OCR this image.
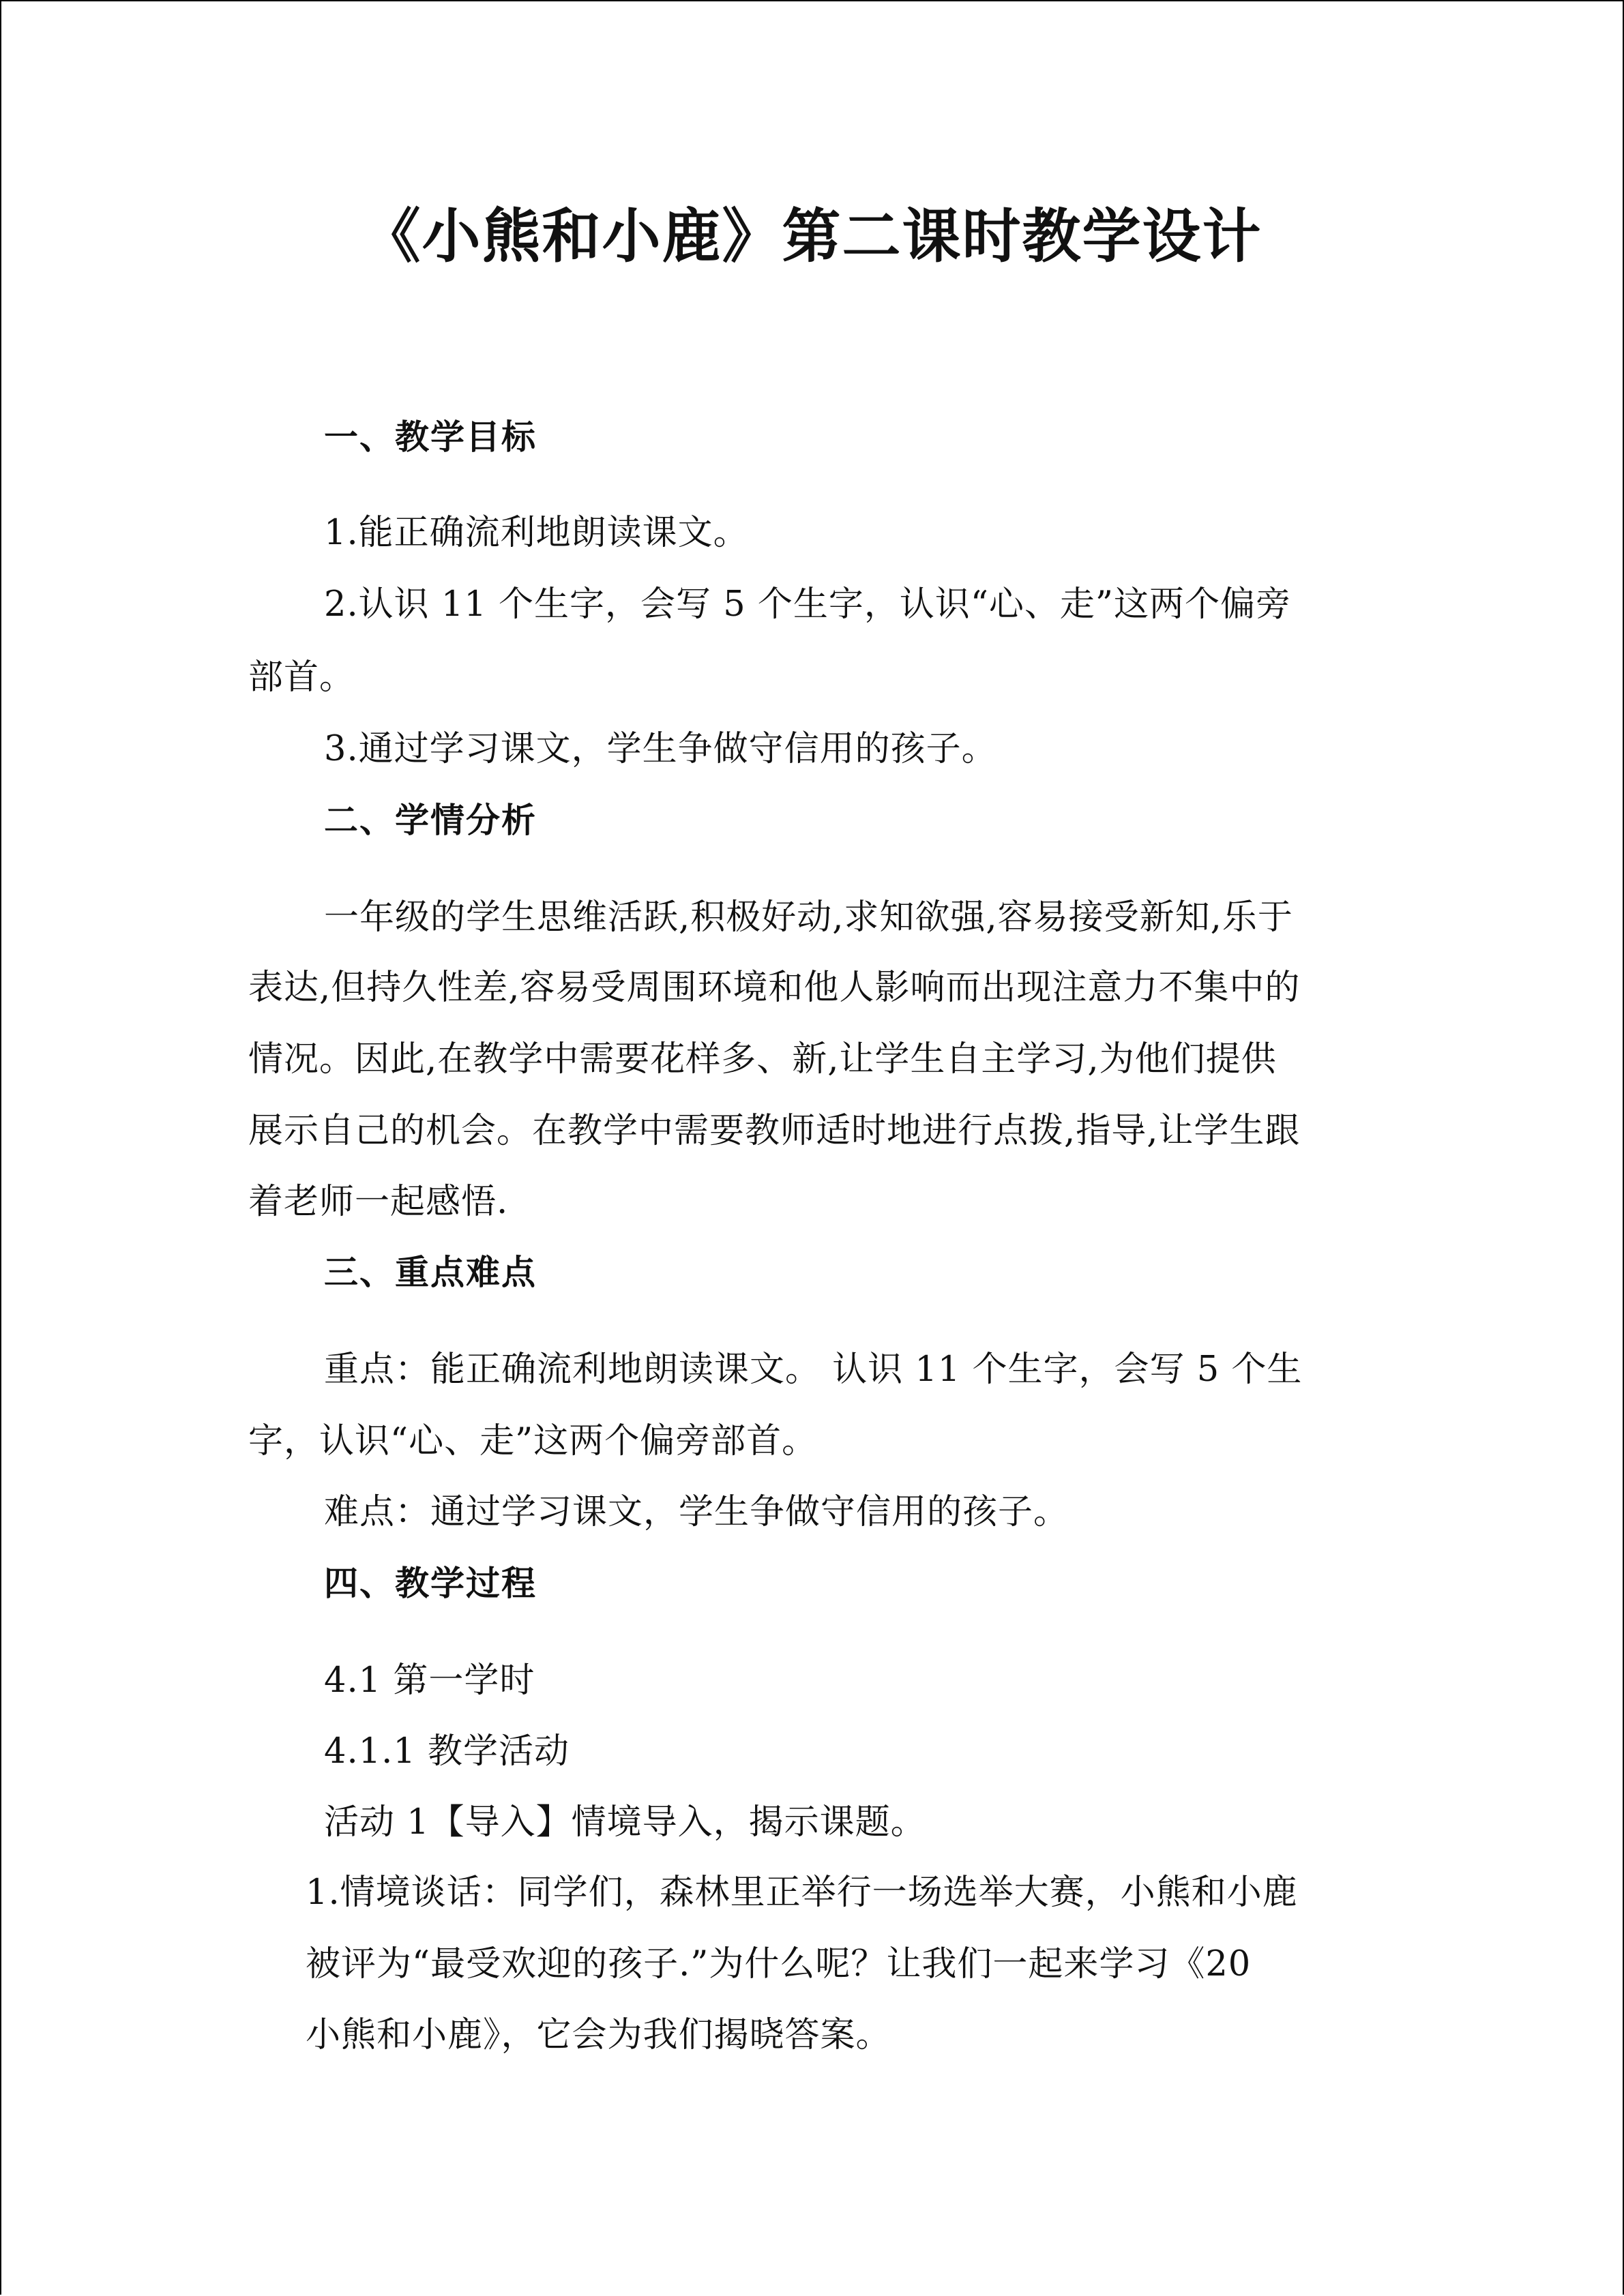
《小熊和小鹿》第二课时教学设计
一、教学目标
1.能正确流利地朗读课文。
2.认识 11 个生字，会写 5 个生字，认识“心、走”这两个偏旁
部首。
3.通过学习课文，学生争做守信用的孩子。
二、学情分析
一年级的学生思维活跃,积极好动,求知欲强,容易接受新知,乐于
表达,但持久性差,容易受周围环境和他人影响而出现注意力不集中的
情况。因此,在教学中需要花样多、新,让学生自主学习,为他们提供
展示自己的机会。在教学中需要教师适时地进行点拨,指导,让学生跟
着老师一起感悟.
三、重点难点
重点：能正确流利地朗读课文。 认识 11 个生字，会写 5 个生
字，认识“心、走”这两个偏旁部首。
难点：通过学习课文，学生争做守信用的孩子。
四、教学过程
4.1 第一学时
4.1.1 教学活动
活动 1【导入】情境导入，揭示课题。
1.情境谈话：同学们，森林里正举行一场选举大赛，小熊和小鹿
被评为“最受欢迎的孩子.”为什么呢？让我们一起来学习《20
小熊和小鹿》，它会为我们揭晓答案。
